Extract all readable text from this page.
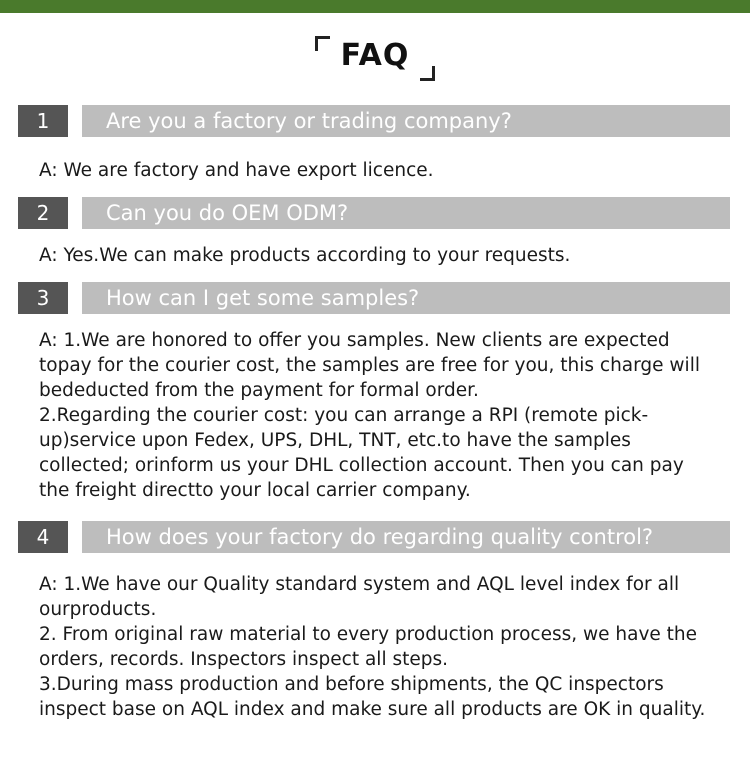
FAQ
1	Are you a factory or trading company?

A: We are factory and have export licence.

2	Can you do OEM ODM?

A: Yes.We can make products according to your requests.

3	How can I get some samples?

A: 1.We are honored to offer you samples. New clients are expected topay for the courier cost, the samples are free for you, this charge will bededucted from the payment for formal order.

2.Regarding the courier cost: you can arrange a RPI (remote pick-up)service upon Fedex, UPS, DHL, TNT, etc.to have the samples collected; orinform us your DHL collection account. Then you can pay the freight directto your local carrier company.

4	How does your factory do regarding quality control?

A: 1.We have our Quality standard system and AQL level index for all ourproducts.

2. From original raw material to every production process, we have the orders, records. Inspectors inspect all steps.

3.During mass production and before shipments, the QC inspectors inspect base on AQL index and make sure all products are OK in quality.
